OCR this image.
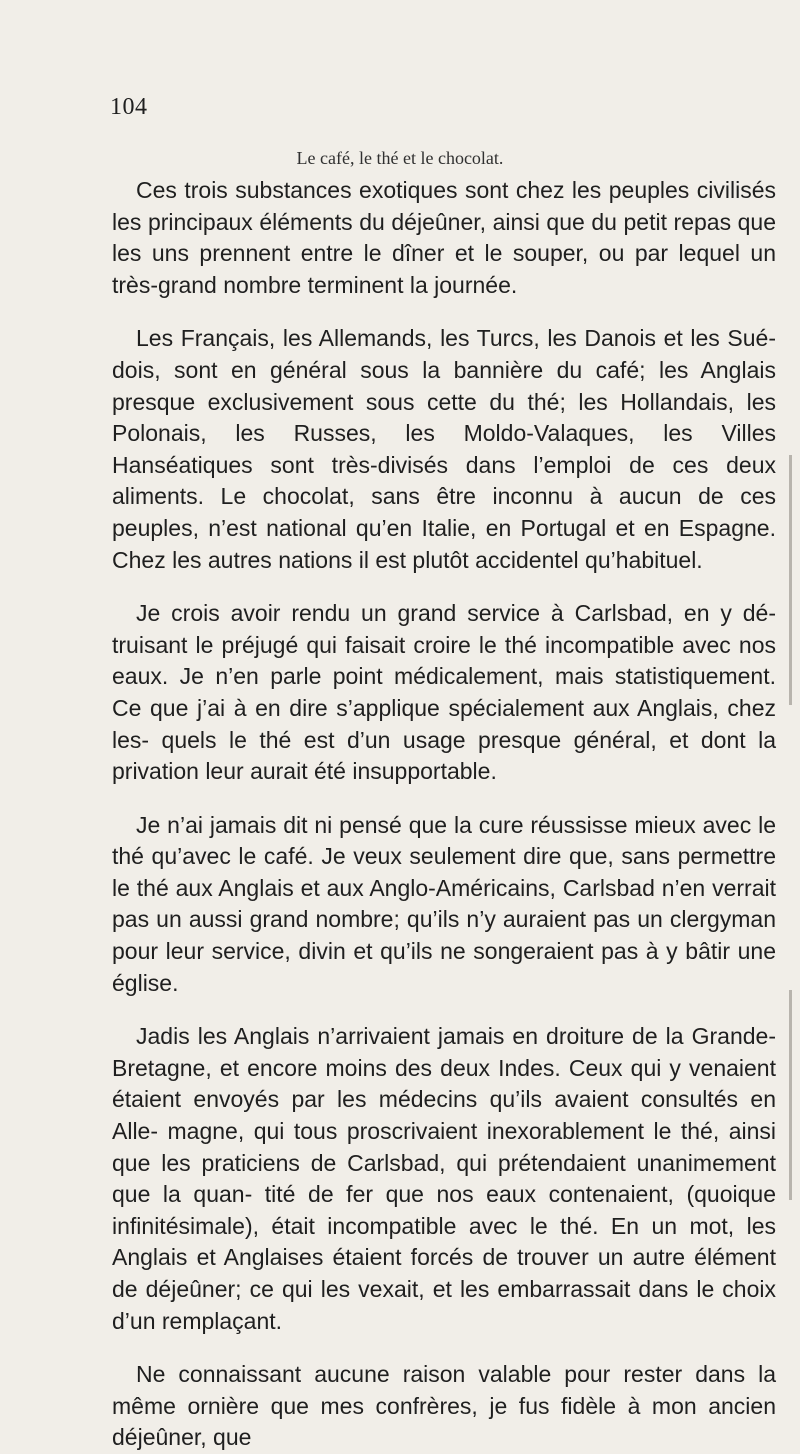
104
Le café, le thé et le chocolat.

Ces trois substances exotiques sont chez les peuples civilisés les principaux éléments du déjeûner, ainsi que du petit repas que les uns prennent entre le dîner et le souper, ou par lequel un très-grand nombre terminent la journée.

Les Français, les Allemands, les Turcs, les Danois et les Sué- dois, sont en général sous la bannière du café; les Anglais presque exclusivement sous cette du thé; les Hollandais, les Polonais, les Russes, les Moldo-Valaques, les Villes Hanséatiques sont très-divisés dans l’emploi de ces deux aliments. Le chocolat, sans être inconnu à aucun de ces peuples, n’est national qu’en Italie, en Portugal et en Espagne. Chez les autres nations il est plutôt accidentel qu’habituel.

Je crois avoir rendu un grand service à Carlsbad, en y dé- truisant le préjugé qui faisait croire le thé incompatible avec nos eaux. Je n’en parle point médicalement, mais statistiquement. Ce que j’ai à en dire s’applique spécialement aux Anglais, chez les- quels le thé est d’un usage presque général, et dont la privation leur aurait été insupportable.

Je n’ai jamais dit ni pensé que la cure réussisse mieux avec le thé qu’avec le café. Je veux seulement dire que, sans permettre le thé aux Anglais et aux Anglo-Américains, Carlsbad n’en verrait pas un aussi grand nombre; qu’ils n’y auraient pas un clergyman pour leur service, divin et qu’ils ne songeraient pas à y bâtir une église.

Jadis les Anglais n’arrivaient jamais en droiture de la Grande- Bretagne, et encore moins des deux Indes. Ceux qui y venaient étaient envoyés par les médecins qu’ils avaient consultés en Alle- magne, qui tous proscrivaient inexorablement le thé, ainsi que les praticiens de Carlsbad, qui prétendaient unanimement que la quan- tité de fer que nos eaux contenaient, (quoique infinitésimale), était incompatible avec le thé. En un mot, les Anglais et Anglaises étaient forcés de trouver un autre élément de déjeûner; ce qui les vexait, et les embarrassait dans le choix d’un remplaçant.

Ne connaissant aucune raison valable pour rester dans la même ornière que mes confrères, je fus fidèle à mon ancien déjeûner, que
